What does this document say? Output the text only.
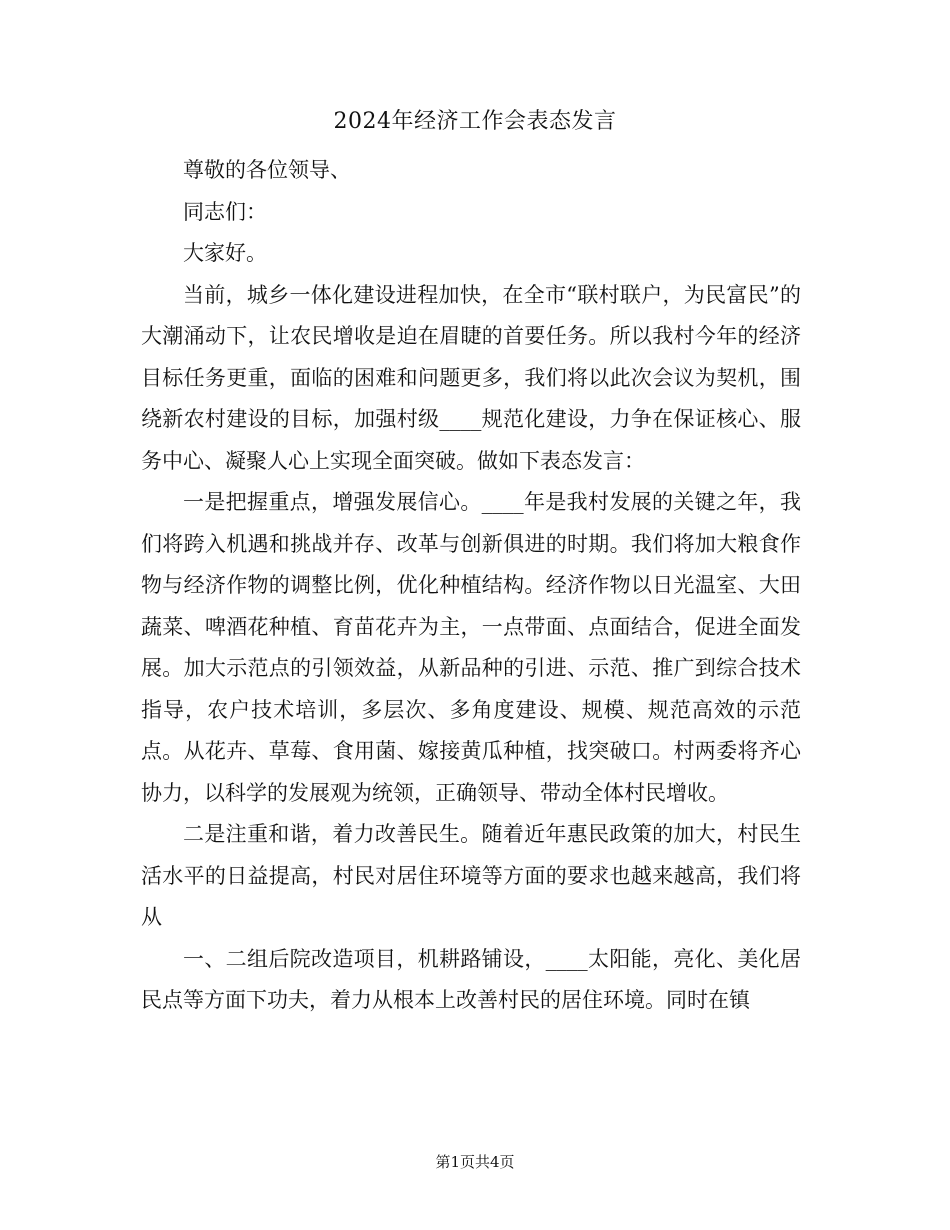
2024年经济工作会表态发言

尊敬的各位领导、

同志们：

大家好。

当前，城乡一体化建设进程加快，在全市“联村联户，为民富民”的大潮涌动下，让农民增收是迫在眉睫的首要任务。所以我村今年的经济目标任务更重，面临的困难和问题更多，我们将以此次会议为契机，围绕新农村建设的目标，加强村级____规范化建设，力争在保证核心、服务中心、凝聚人心上实现全面突破。做如下表态发言：

一是把握重点，增强发展信心。____年是我村发展的关键之年，我们将跨入机遇和挑战并存、改革与创新俱进的时期。我们将加大粮食作物与经济作物的调整比例，优化种植结构。经济作物以日光温室、大田蔬菜、啤酒花种植、育苗花卉为主，一点带面、点面结合，促进全面发展。加大示范点的引领效益，从新品种的引进、示范、推广到综合技术指导，农户技术培训，多层次、多角度建设、规模、规范高效的示范点。从花卉、草莓、食用菌、嫁接黄瓜种植，找突破口。村两委将齐心协力，以科学的发展观为统领，正确领导、带动全体村民增收。

二是注重和谐，着力改善民生。随着近年惠民政策的加大，村民生活水平的日益提高，村民对居住环境等方面的要求也越来越高，我们将从

一、二组后院改造项目，机耕路铺设，____太阳能，亮化、美化居民点等方面下功夫，着力从根本上改善村民的居住环境。同时在镇

第1页共4页
